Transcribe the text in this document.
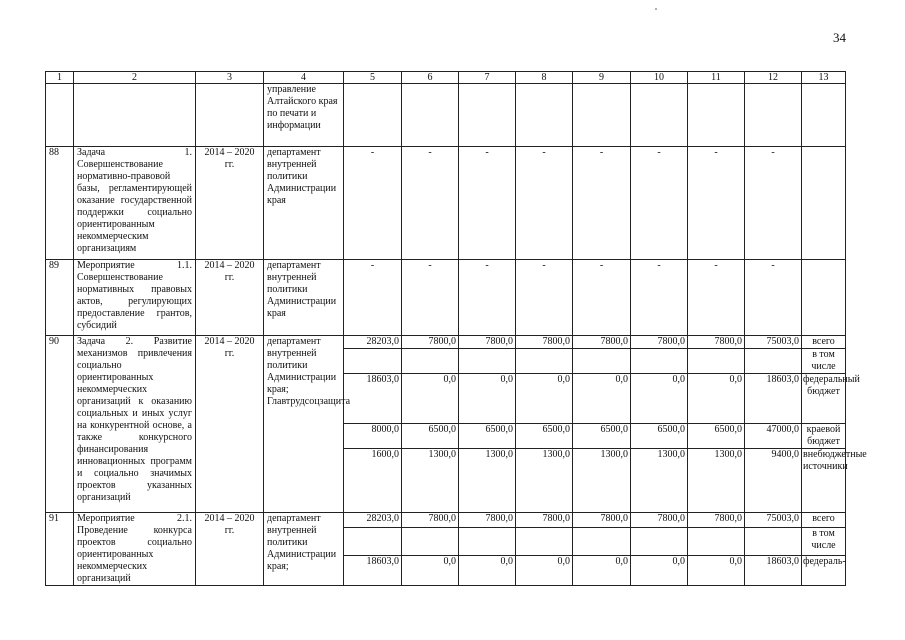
34
1	2	3	4	5	6	7	8	9	10	11	12	13
			управление Алтайского края по печати и информации									
88	Задача 1. Совершенствование нормативно-правовой базы, регламентирующей оказание государственной поддержки социально ориентированным некоммерческим организациям	2014 – 2020 гг.	департамент внутренней политики Администрации края	-	-	-	-	-	-	-	-	
89	Мероприятие 1.1. Совершенствование нормативных правовых актов, регулирующих предоставление грантов, субсидий	2014 – 2020 гг.	департамент внутренней политики Администрации края	-	-	-	-	-	-	-	-	
90	Задача 2. Развитие механизмов привлечения социально ориентированных некоммерческих организаций к оказанию социальных и иных услуг на конкурентной основе, а также конкурсного финансирования инновационных программ и социально значимых проектов указанных организаций	2014 – 2020 гг.	департамент внутренней политики Администрации края; Главтрудсоцзащита	28203,0	7800,0	7800,0	7800,0	7800,0	7800,0	7800,0	75003,0	всего
												в том числе
				18603,0	0,0	0,0	0,0	0,0	0,0	0,0	18603,0	федеральный бюджет
				8000,0	6500,0	6500,0	6500,0	6500,0	6500,0	6500,0	47000,0	краевой бюджет
				1600,0	1300,0	1300,0	1300,0	1300,0	1300,0	1300,0	9400,0	внебюджетные источники
91	Мероприятие 2.1. Проведение конкурса проектов социально ориентированных некоммерческих организаций	2014 – 2020 гг.	департамент внутренней политики Администрации края;	28203,0	7800,0	7800,0	7800,0	7800,0	7800,0	7800,0	75003,0	всего
												в том числе
				18603,0	0,0	0,0	0,0	0,0	0,0	0,0	18603,0	федераль-
